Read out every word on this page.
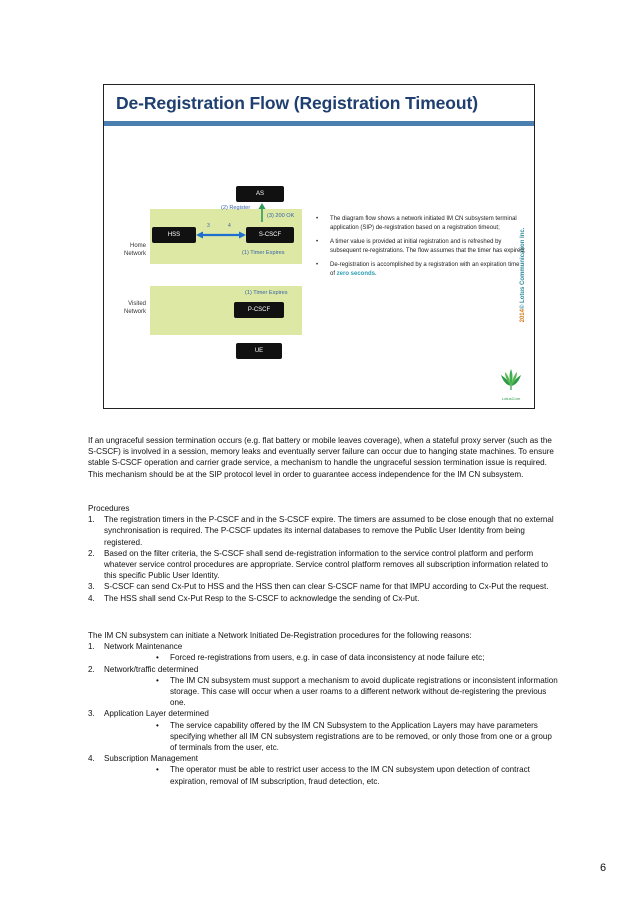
De-Registration Flow (Registration Timeout)
2014© Lotus Communication Inc.
Home Network
Visited Network
AS
HSS	S-CSCF
P-CSCF
UE
(2) Register
(3) 200 OK
(1) Timer Expires
(1) Timer Expires
3	4
• The diagram flow shows a network initiated IM CN subsystem terminal application (SIP) de-registration based on a registration timeout;
• A timer value is provided at initial registration and is refreshed by subsequent re-registrations. The flow assumes that the timer has expired;
• De-registration is accomplished by a registration with an expiration time of zero seconds.
LotusCom

If an ungraceful session termination occurs (e.g. flat battery or mobile leaves coverage), when a stateful proxy server (such as the S-CSCF) is involved in a session, memory leaks and eventually server failure can occur due to hanging state machines. To ensure stable S-CSCF operation and carrier grade service, a mechanism to handle the ungraceful session termination issue is required. This mechanism should be at the SIP protocol level in order to guarantee access independence for the IM CN subsystem.

Procedures

1. The registration timers in the P-CSCF and in the S-CSCF expire. The timers are assumed to be close enough that no external synchronisation is required. The P-CSCF updates its internal databases to remove the Public User Identity from being registered.
2. Based on the filter criteria, the S-CSCF shall send de-registration information to the service control platform and perform whatever service control procedures are appropriate. Service control platform removes all subscription information related to this specific Public User Identity.
3. S-CSCF can send Cx-Put to HSS and the HSS then can clear S-CSCF name for that IMPU according to Cx-Put the request.
4. The HSS shall send Cx-Put Resp to the S-CSCF to acknowledge the sending of Cx-Put.

The IM CN subsystem can initiate a Network Initiated De-Registration procedures for the following reasons:

1. Network Maintenance
• Forced re-registrations from users, e.g. in case of data inconsistency at node failure etc;
2. Network/traffic determined
• The IM CN subsystem must support a mechanism to avoid duplicate registrations or inconsistent information storage. This case will occur when a user roams to a different network without de-registering the previous one.
3. Application Layer determined
• The service capability offered by the IM CN Subsystem to the Application Layers may have parameters specifying whether all IM CN subsystem registrations are to be removed, or only those from one or a group of terminals from the user, etc.
4. Subscription Management
• The operator must be able to restrict user access to the IM CN subsystem upon detection of contract expiration, removal of IM subscription, fraud detection, etc.
6
